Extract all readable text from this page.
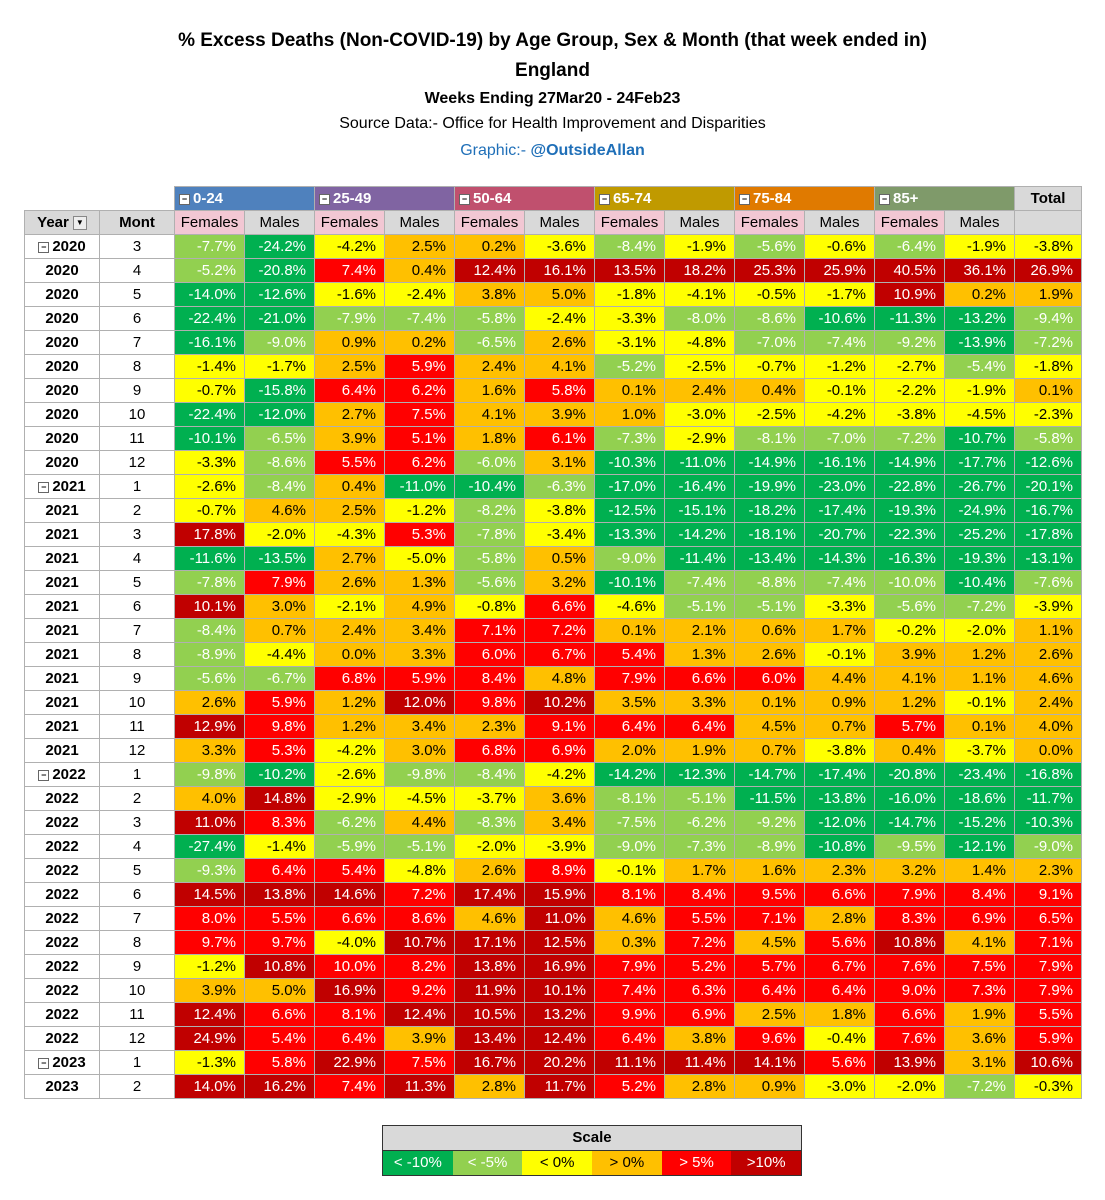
% Excess Deaths (Non-COVID-19) by Age Group, Sex & Month (that week ended in)
England
Weeks Ending 27Mar20 - 24Feb23
Source Data:- Office for Health Improvement and Disparities
Graphic:- @OutsideAllan
		− 0-24		− 25-49		− 50-64		− 65-74		− 75-84		− 85+		Total
Year ▼	Mont	Females	Males	Females	Males	Females	Males	Females	Males	Females	Males	Females	Males	
− 2020	3	-7.7%	-24.2%	-4.2%	2.5%	0.2%	-3.6%	-8.4%	-1.9%	-5.6%	-0.6%	-6.4%	-1.9%	-3.8%
2020	4	-5.2%	-20.8%	7.4%	0.4%	12.4%	16.1%	13.5%	18.2%	25.3%	25.9%	40.5%	36.1%	26.9%
2020	5	-14.0%	-12.6%	-1.6%	-2.4%	3.8%	5.0%	-1.8%	-4.1%	-0.5%	-1.7%	10.9%	0.2%	1.9%
2020	6	-22.4%	-21.0%	-7.9%	-7.4%	-5.8%	-2.4%	-3.3%	-8.0%	-8.6%	-10.6%	-11.3%	-13.2%	-9.4%
2020	7	-16.1%	-9.0%	0.9%	0.2%	-6.5%	2.6%	-3.1%	-4.8%	-7.0%	-7.4%	-9.2%	-13.9%	-7.2%
2020	8	-1.4%	-1.7%	2.5%	5.9%	2.4%	4.1%	-5.2%	-2.5%	-0.7%	-1.2%	-2.7%	-5.4%	-1.8%
2020	9	-0.7%	-15.8%	6.4%	6.2%	1.6%	5.8%	0.1%	2.4%	0.4%	-0.1%	-2.2%	-1.9%	0.1%
2020	10	-22.4%	-12.0%	2.7%	7.5%	4.1%	3.9%	1.0%	-3.0%	-2.5%	-4.2%	-3.8%	-4.5%	-2.3%
2020	11	-10.1%	-6.5%	3.9%	5.1%	1.8%	6.1%	-7.3%	-2.9%	-8.1%	-7.0%	-7.2%	-10.7%	-5.8%
2020	12	-3.3%	-8.6%	5.5%	6.2%	-6.0%	3.1%	-10.3%	-11.0%	-14.9%	-16.1%	-14.9%	-17.7%	-12.6%
− 2021	1	-2.6%	-8.4%	0.4%	-11.0%	-10.4%	-6.3%	-17.0%	-16.4%	-19.9%	-23.0%	-22.8%	-26.7%	-20.1%
2021	2	-0.7%	4.6%	2.5%	-1.2%	-8.2%	-3.8%	-12.5%	-15.1%	-18.2%	-17.4%	-19.3%	-24.9%	-16.7%
2021	3	17.8%	-2.0%	-4.3%	5.3%	-7.8%	-3.4%	-13.3%	-14.2%	-18.1%	-20.7%	-22.3%	-25.2%	-17.8%
2021	4	-11.6%	-13.5%	2.7%	-5.0%	-5.8%	0.5%	-9.0%	-11.4%	-13.4%	-14.3%	-16.3%	-19.3%	-13.1%
2021	5	-7.8%	7.9%	2.6%	1.3%	-5.6%	3.2%	-10.1%	-7.4%	-8.8%	-7.4%	-10.0%	-10.4%	-7.6%
2021	6	10.1%	3.0%	-2.1%	4.9%	-0.8%	6.6%	-4.6%	-5.1%	-5.1%	-3.3%	-5.6%	-7.2%	-3.9%
2021	7	-8.4%	0.7%	2.4%	3.4%	7.1%	7.2%	0.1%	2.1%	0.6%	1.7%	-0.2%	-2.0%	1.1%
2021	8	-8.9%	-4.4%	0.0%	3.3%	6.0%	6.7%	5.4%	1.3%	2.6%	-0.1%	3.9%	1.2%	2.6%
2021	9	-5.6%	-6.7%	6.8%	5.9%	8.4%	4.8%	7.9%	6.6%	6.0%	4.4%	4.1%	1.1%	4.6%
2021	10	2.6%	5.9%	1.2%	12.0%	9.8%	10.2%	3.5%	3.3%	0.1%	0.9%	1.2%	-0.1%	2.4%
2021	11	12.9%	9.8%	1.2%	3.4%	2.3%	9.1%	6.4%	6.4%	4.5%	0.7%	5.7%	0.1%	4.0%
2021	12	3.3%	5.3%	-4.2%	3.0%	6.8%	6.9%	2.0%	1.9%	0.7%	-3.8%	0.4%	-3.7%	0.0%
− 2022	1	-9.8%	-10.2%	-2.6%	-9.8%	-8.4%	-4.2%	-14.2%	-12.3%	-14.7%	-17.4%	-20.8%	-23.4%	-16.8%
2022	2	4.0%	14.8%	-2.9%	-4.5%	-3.7%	3.6%	-8.1%	-5.1%	-11.5%	-13.8%	-16.0%	-18.6%	-11.7%
2022	3	11.0%	8.3%	-6.2%	4.4%	-8.3%	3.4%	-7.5%	-6.2%	-9.2%	-12.0%	-14.7%	-15.2%	-10.3%
2022	4	-27.4%	-1.4%	-5.9%	-5.1%	-2.0%	-3.9%	-9.0%	-7.3%	-8.9%	-10.8%	-9.5%	-12.1%	-9.0%
2022	5	-9.3%	6.4%	5.4%	-4.8%	2.6%	8.9%	-0.1%	1.7%	1.6%	2.3%	3.2%	1.4%	2.3%
2022	6	14.5%	13.8%	14.6%	7.2%	17.4%	15.9%	8.1%	8.4%	9.5%	6.6%	7.9%	8.4%	9.1%
2022	7	8.0%	5.5%	6.6%	8.6%	4.6%	11.0%	4.6%	5.5%	7.1%	2.8%	8.3%	6.9%	6.5%
2022	8	9.7%	9.7%	-4.0%	10.7%	17.1%	12.5%	0.3%	7.2%	4.5%	5.6%	10.8%	4.1%	7.1%
2022	9	-1.2%	10.8%	10.0%	8.2%	13.8%	16.9%	7.9%	5.2%	5.7%	6.7%	7.6%	7.5%	7.9%
2022	10	3.9%	5.0%	16.9%	9.2%	11.9%	10.1%	7.4%	6.3%	6.4%	6.4%	9.0%	7.3%	7.9%
2022	11	12.4%	6.6%	8.1%	12.4%	10.5%	13.2%	9.9%	6.9%	2.5%	1.8%	6.6%	1.9%	5.5%
2022	12	24.9%	5.4%	6.4%	3.9%	13.4%	12.4%	6.4%	3.8%	9.6%	-0.4%	7.6%	3.6%	5.9%
− 2023	1	-1.3%	5.8%	22.9%	7.5%	16.7%	20.2%	11.1%	11.4%	14.1%	5.6%	13.9%	3.1%	10.6%
2023	2	14.0%	16.2%	7.4%	11.3%	2.8%	11.7%	5.2%	2.8%	0.9%	-3.0%	-2.0%	-7.2%	-0.3%
Scale
< -10%	< -5%	< 0%	> 0%	> 5%	>10%
